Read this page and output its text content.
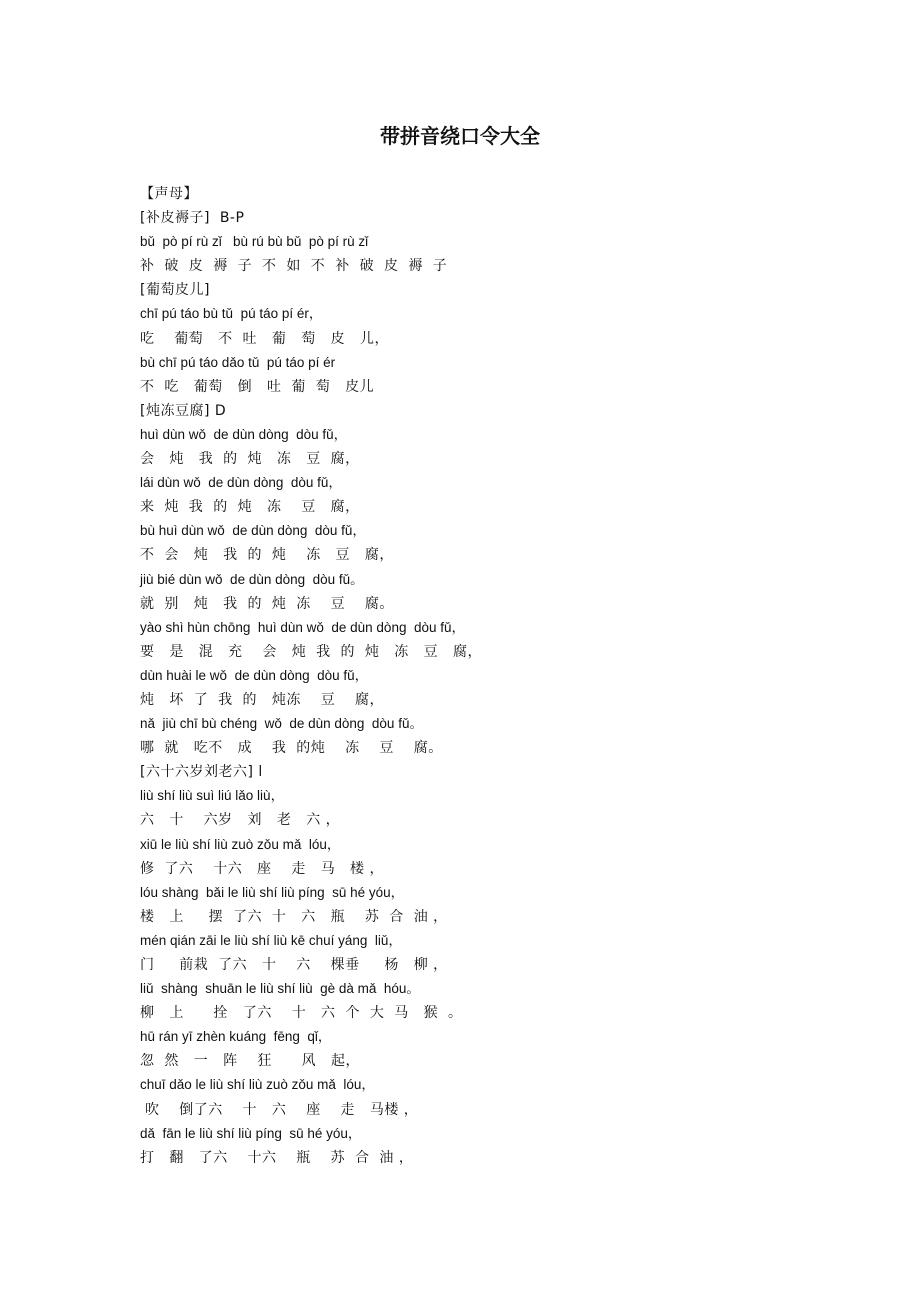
带拼音绕口令大全
【声母】
[补皮褥子]  B-P
bǔ  pò pí rù zǐ   bù rú bù bǔ  pò pí rù zǐ
补  破  皮  褥  子  不  如  不  补  破  皮  褥  子
[葡萄皮儿]
chī pú táo bù tǔ  pú táo pí ér，
吃    葡萄   不  吐   葡   萄   皮   儿，
bù chī pú táo dǎo tǔ  pú táo pí ér
不  吃   葡萄   倒   吐  葡  萄   皮儿
[炖冻豆腐] D
huì dùn wǒ  de dùn dònɡ  dòu fǔ，
会   炖   我  的  炖   冻   豆  腐，
lái dùn wǒ  de dùn dònɡ  dòu fǔ，
来  炖  我  的  炖   冻    豆   腐，
bù huì dùn wǒ  de dùn dònɡ  dòu fǔ，
不  会   炖   我  的  炖    冻   豆   腐，
jiù bié dùn wǒ  de dùn dònɡ  dòu fǔ。
就  别   炖   我  的  炖  冻    豆    腐。
yào shì hùn chōnɡ  huì dùn wǒ  de dùn dònɡ  dòu fǔ，
要   是   混   充    会   炖  我  的  炖   冻   豆   腐，
dùn huài le wǒ  de dùn dònɡ  dòu fǔ，
炖   坏  了  我  的   炖冻    豆    腐，
nǎ  jiù chī bù chénɡ  wǒ  de dùn dònɡ  dòu fǔ。
哪  就   吃不   成    我  的炖    冻    豆    腐。
[六十六岁刘老六] l
liù shí liù suì liú lǎo liù，
六   十    六岁   刘   老   六 ，
xiū le liù shí liù zuò zǒu mǎ  lóu，
修  了六    十六   座    走   马   楼 ，
lóu shànɡ  bǎi le liù shí liù pínɡ  sū hé yóu，
楼   上     摆  了六  十   六   瓶    苏  合  油 ，
mén qián zāi le liù shí liù kē chuí yánɡ  liǔ，
门     前栽  了六   十    六    棵垂     杨   柳 ，
liǔ  shànɡ  shuān le liù shí liù  ɡè dà mǎ  hóu。
柳   上      拴   了六    十   六  个  大  马   猴  。
hū rán yī zhèn kuánɡ  fēnɡ  qǐ，
忽  然   一   阵    狂      风   起，
chuī dǎo le liù shí liù zuò zǒu mǎ  lóu，
吹    倒了六    十   六    座    走   马楼 ，
dǎ  fān le liù shí liù pínɡ  sū hé yóu，
打   翻   了六    十六    瓶    苏  合  油 ，
